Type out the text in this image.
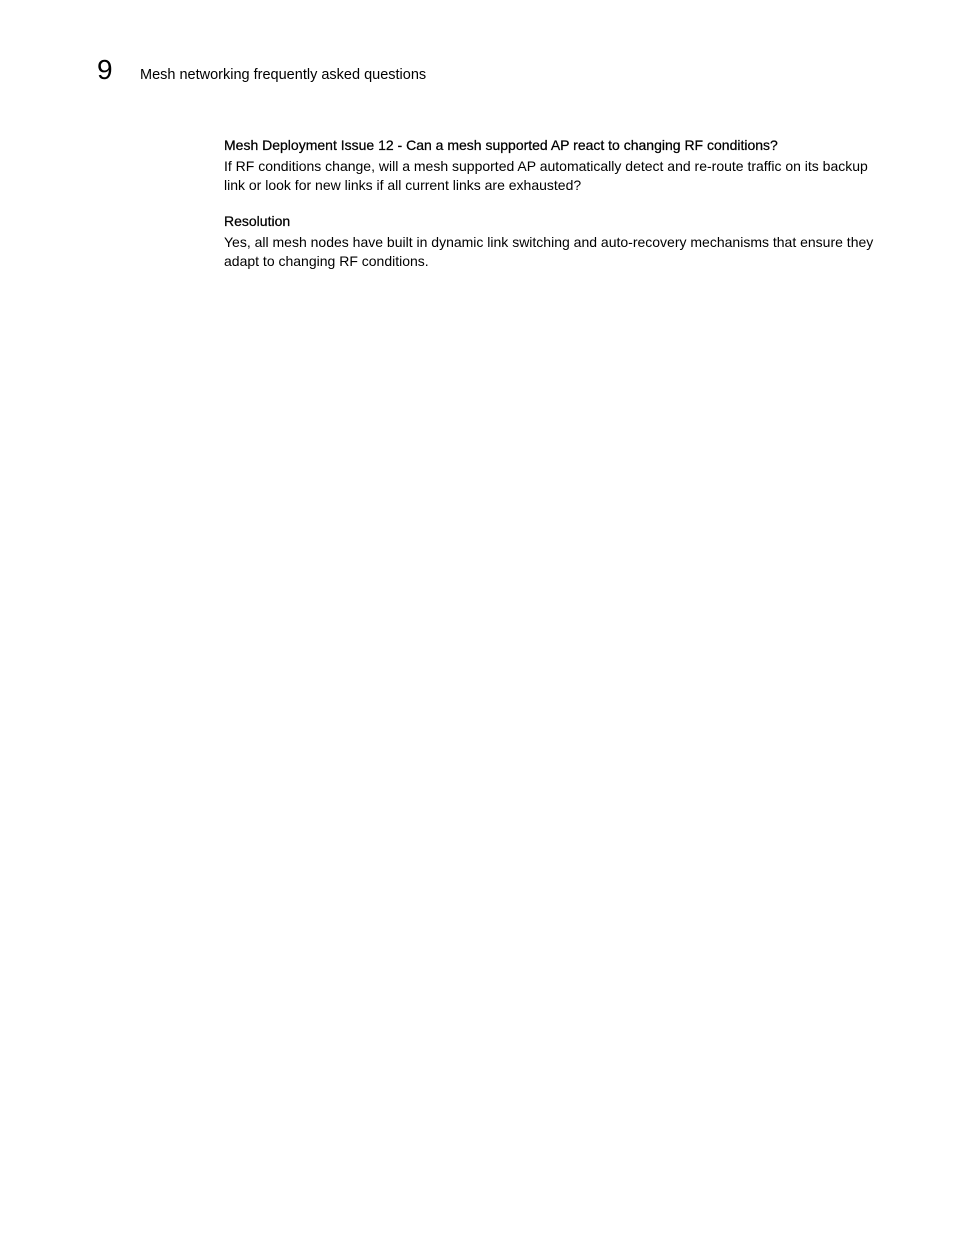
9	Mesh networking frequently asked questions

Mesh Deployment Issue 12 - Can a mesh supported AP react to changing RF conditions?

If RF conditions change, will a mesh supported AP automatically detect and re-route traffic on its backup link or look for new links if all current links are exhausted?

Resolution

Yes, all mesh nodes have built in dynamic link switching and auto-recovery mechanisms that ensure they adapt to changing RF conditions.
